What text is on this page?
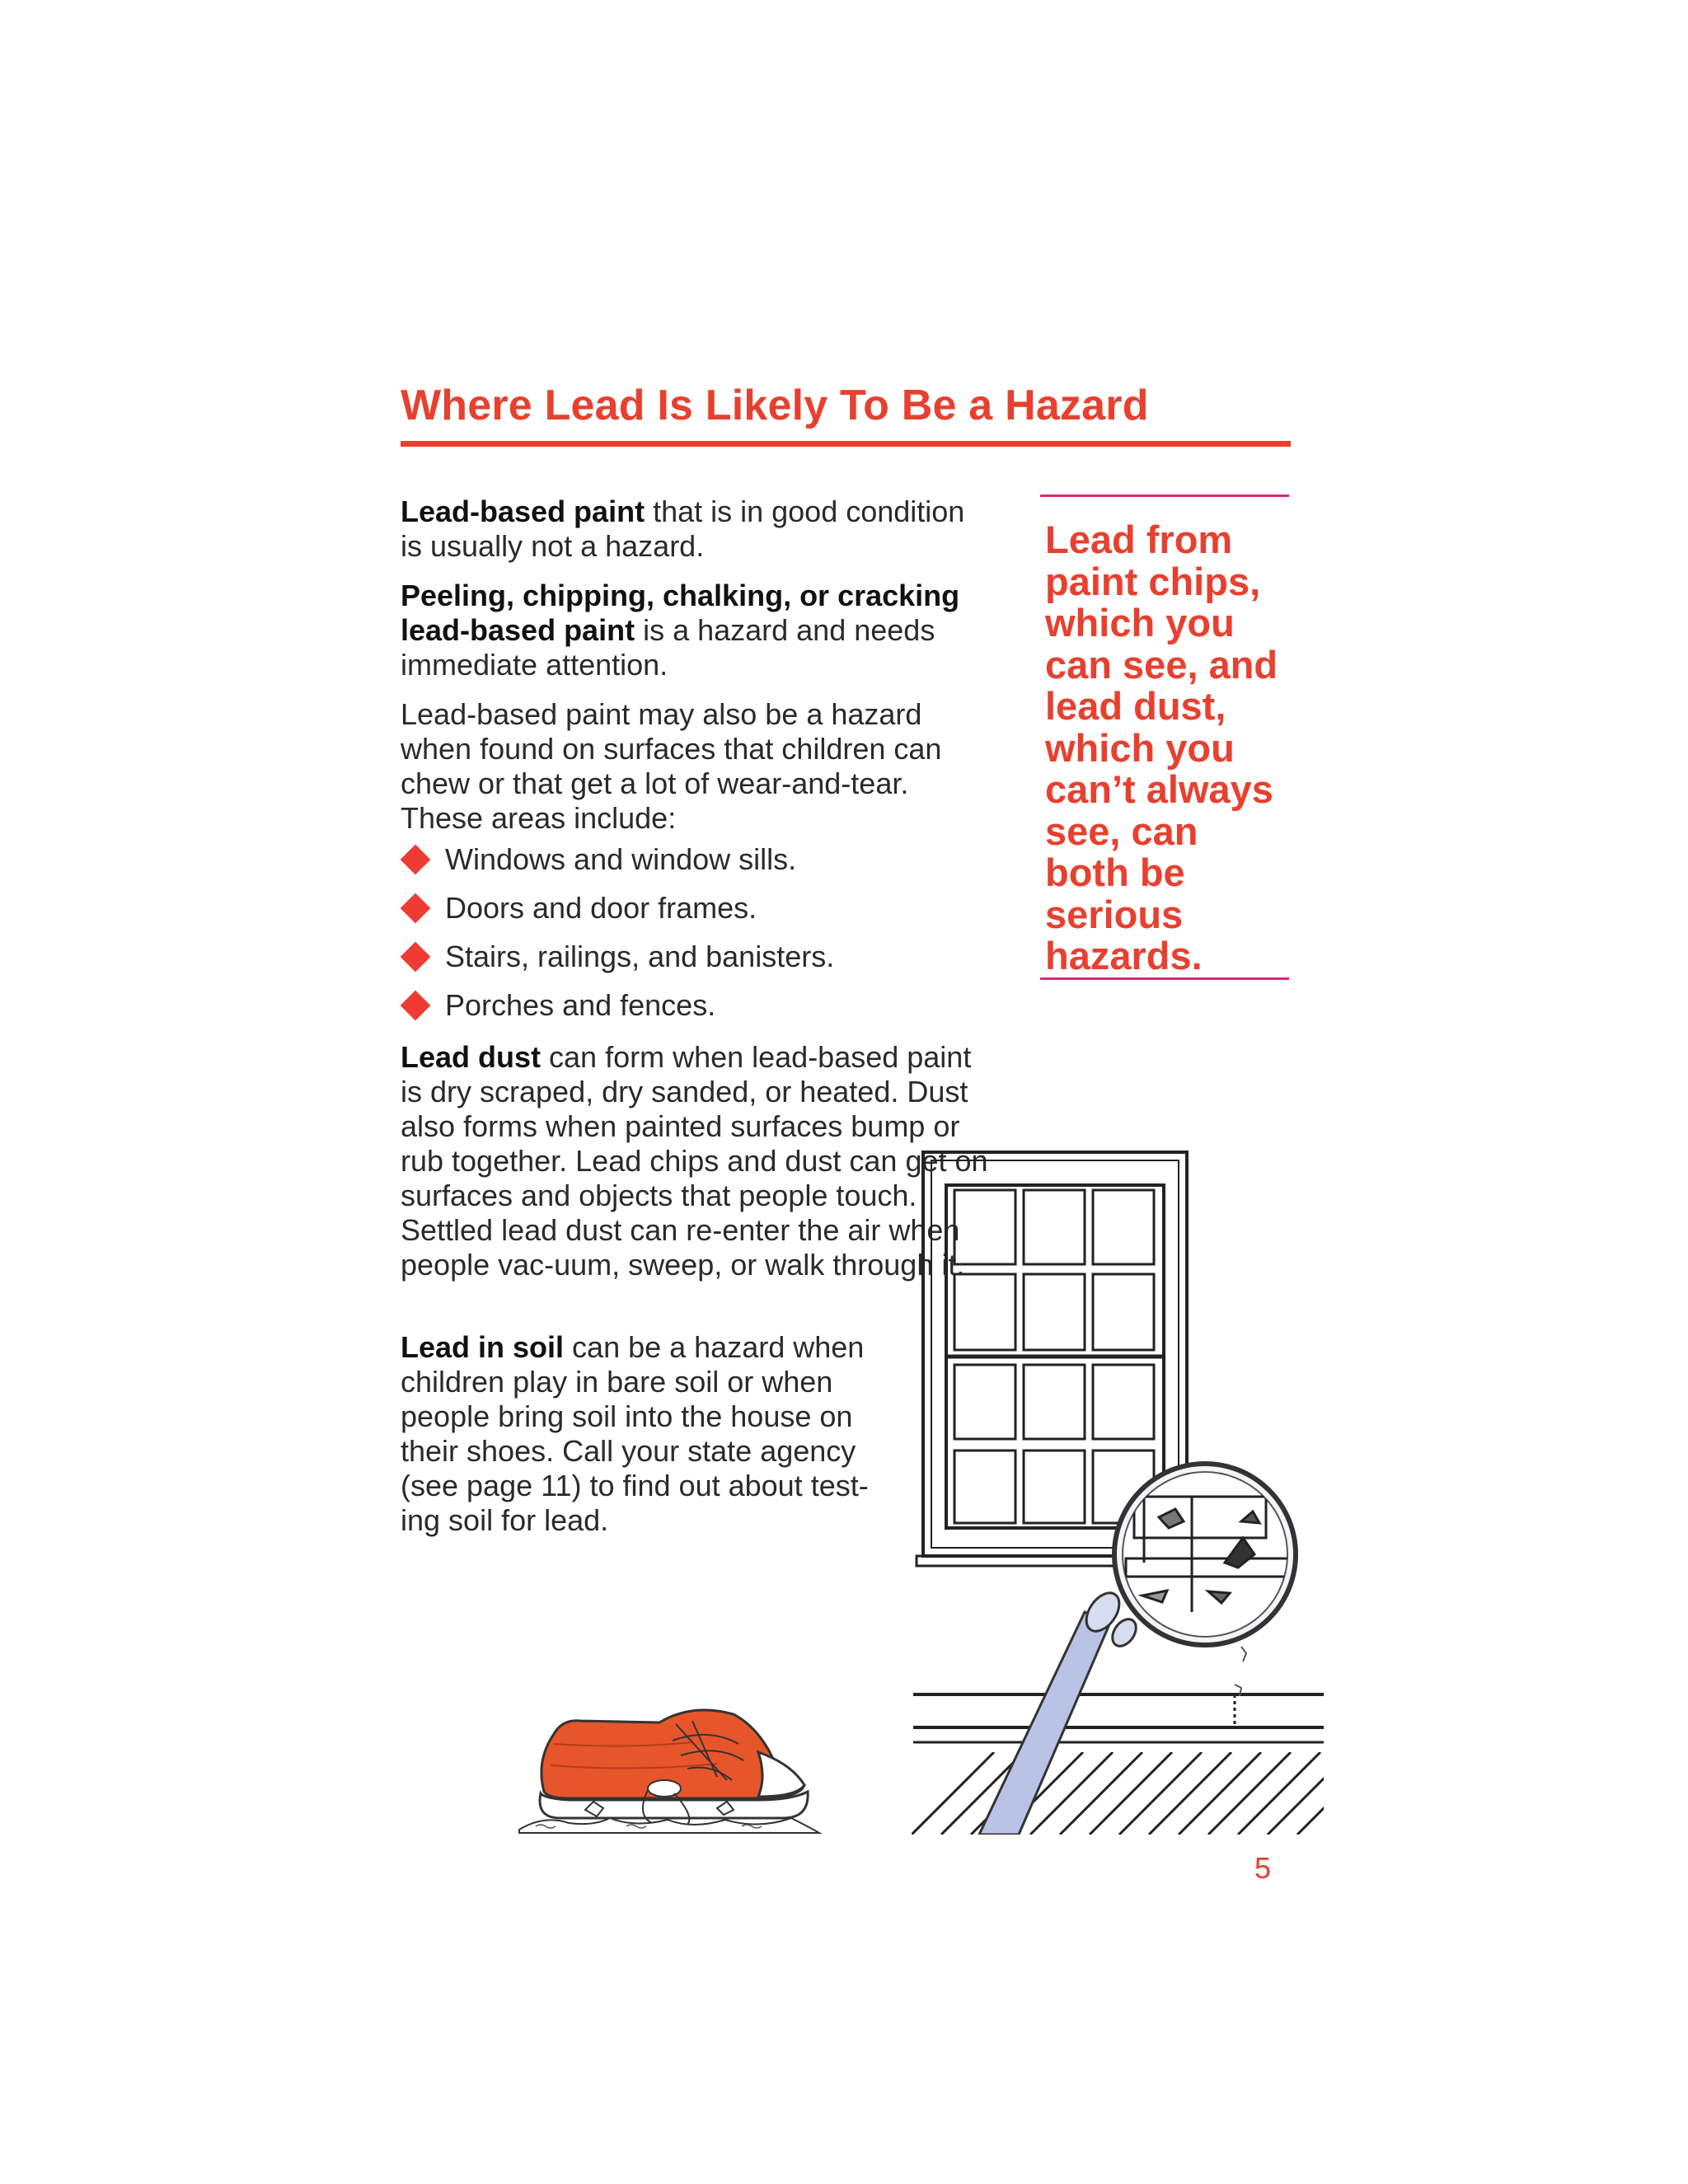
Where Lead Is Likely To Be a Hazard

Lead-based paint that is in good condition is usually not a hazard.

Peeling, chipping, chalking, or cracking lead-based paint is a hazard and needs immediate attention.

Lead-based paint may also be a hazard when found on surfaces that children can chew or that get a lot of wear-and-tear. These areas include:

Windows and window sills.
Doors and door frames.
Stairs, railings, and banisters.
Porches and fences.

Lead dust can form when lead-based paint is dry scraped, dry sanded, or heated. Dust also forms when painted surfaces bump or rub together. Lead chips and dust can get on surfaces and objects that people touch. Settled lead dust can re-enter the air when people vac-uum, sweep, or walk through it.

Lead in soil can be a hazard when children play in bare soil or when people bring soil into the house on their shoes. Call your state agency (see page 11) to find out about test-ing soil for lead.

Lead from paint chips, which you can see, and lead dust, which you can’t always see, can both be serious hazards.
5
